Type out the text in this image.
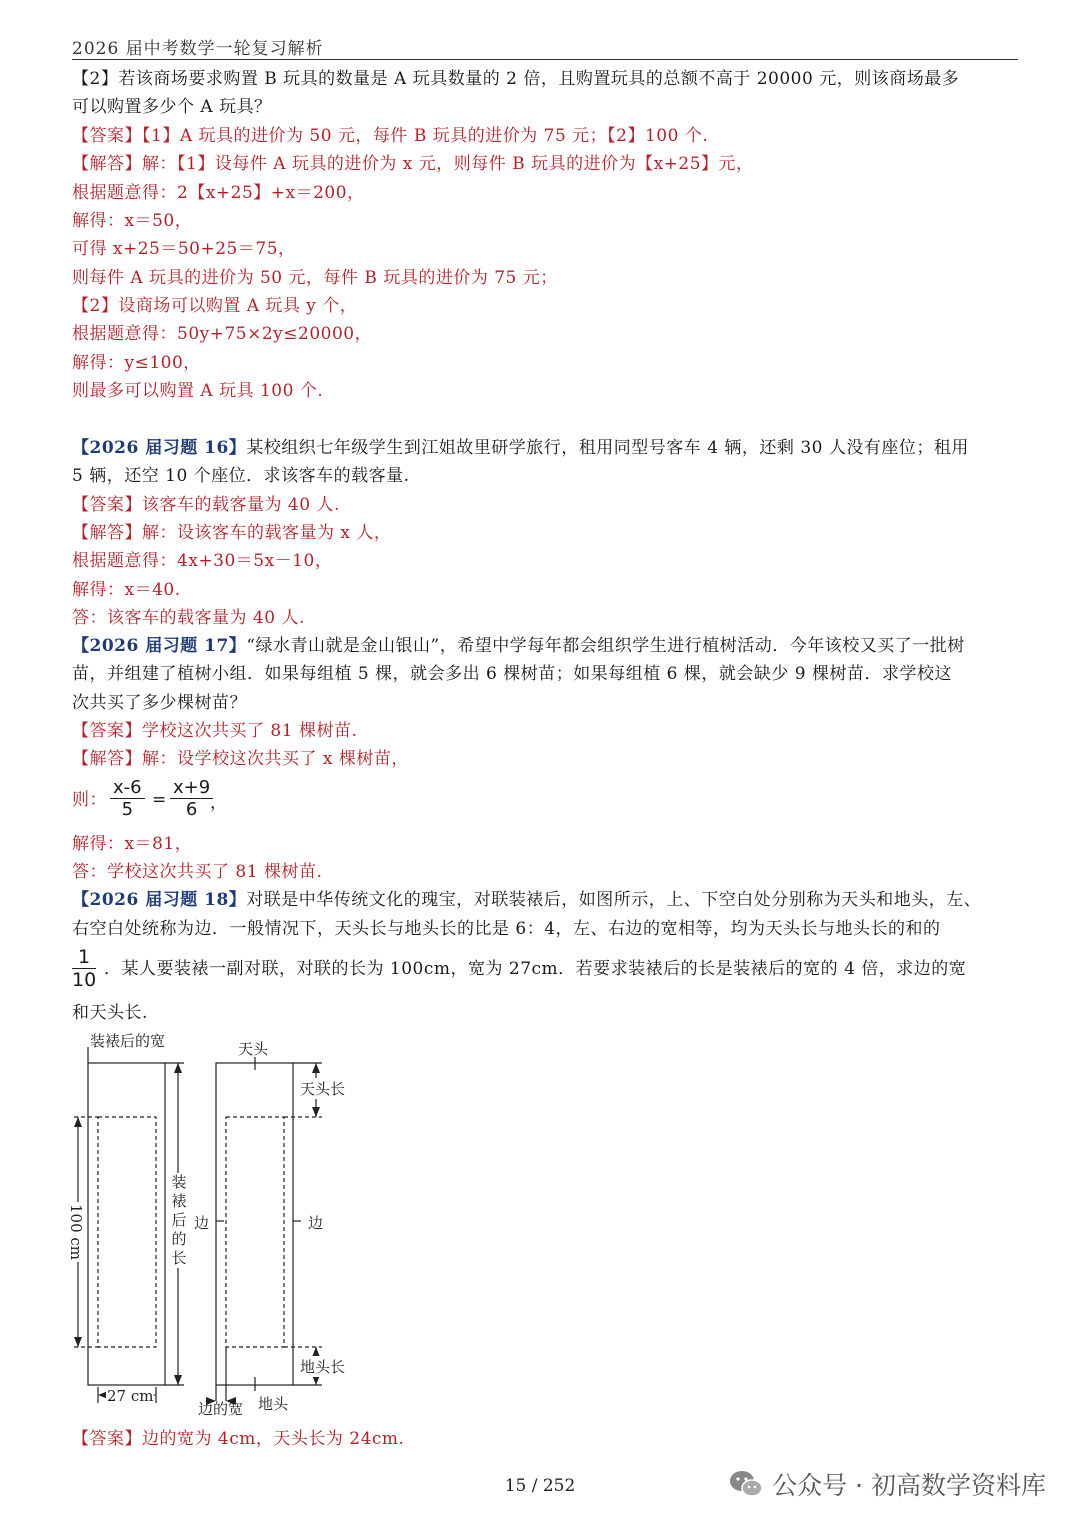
2026 届中考数学一轮复习解析
【2】若该商场要求购置 B 玩具的数量是 A 玩具数量的 2 倍，且购置玩具的总额不高于 20000 元，则该商场最多
可以购置多少个 A 玩具？
【答案】【1】A 玩具的进价为 50 元，每件 B 玩具的进价为 75 元；【2】100 个.
【解答】解：【1】设每件 A 玩具的进价为 x 元，则每件 B 玩具的进价为【x+25】元，
根据题意得：2【x+25】+x＝200，
解得：x＝50，
可得 x+25＝50+25＝75，
则每件 A 玩具的进价为 50 元，每件 B 玩具的进价为 75 元；
【2】设商场可以购置 A 玩具 y 个，
根据题意得：50y+75×2y≤20000，
解得：y≤100，
则最多可以购置 A 玩具 100 个.
【2026 届习题 16】某校组织七年级学生到江姐故里研学旅行，租用同型号客车 4 辆，还剩 30 人没有座位；租用
5 辆，还空 10 个座位．求该客车的载客量.
【答案】该客车的载客量为 40 人.
【解答】解：设该客车的载客量为 x 人，
根据题意得：4x+30＝5x－10，
解得：x＝40.
答：该客车的载客量为 40 人.
【2026 届习题 17】“绿水青山就是金山银山”，希望中学每年都会组织学生进行植树活动．今年该校又买了一批树
苗，并组建了植树小组．如果每组植 5 棵，就会多出 6 棵树苗；如果每组植 6 棵，就会缺少 9 棵树苗．求学校这
次共买了多少棵树苗？
【答案】学校这次共买了 81 棵树苗.
【解答】解：设学校这次共买了 x 棵树苗，
则：
x-6
5	=
x+9
6 ，
解得：x＝81，
答：学校这次共买了 81 棵树苗.
【2026 届习题 18】对联是中华传统文化的瑰宝，对联装裱后，如图所示，上、下空白处分别称为天头和地头，左、
右空白处统称为边．一般情况下，天头长与地头长的比是 6：4，左、右边的宽相等，均为天头长与地头长的和的
1
10 ．某人要装裱一副对联，对联的长为 100cm，宽为 27cm．若要求装裱后的长是装裱后的宽的 4 倍，求边的宽
和天头长.
装裱后的宽
100 cm
装裱后的长
27 cm
天头
天头长
边	边
地头长
边的宽 地头
【答案】边的宽为 4cm，天头长为 24cm.
15 / 252	公众号 · 初高数学资料库
